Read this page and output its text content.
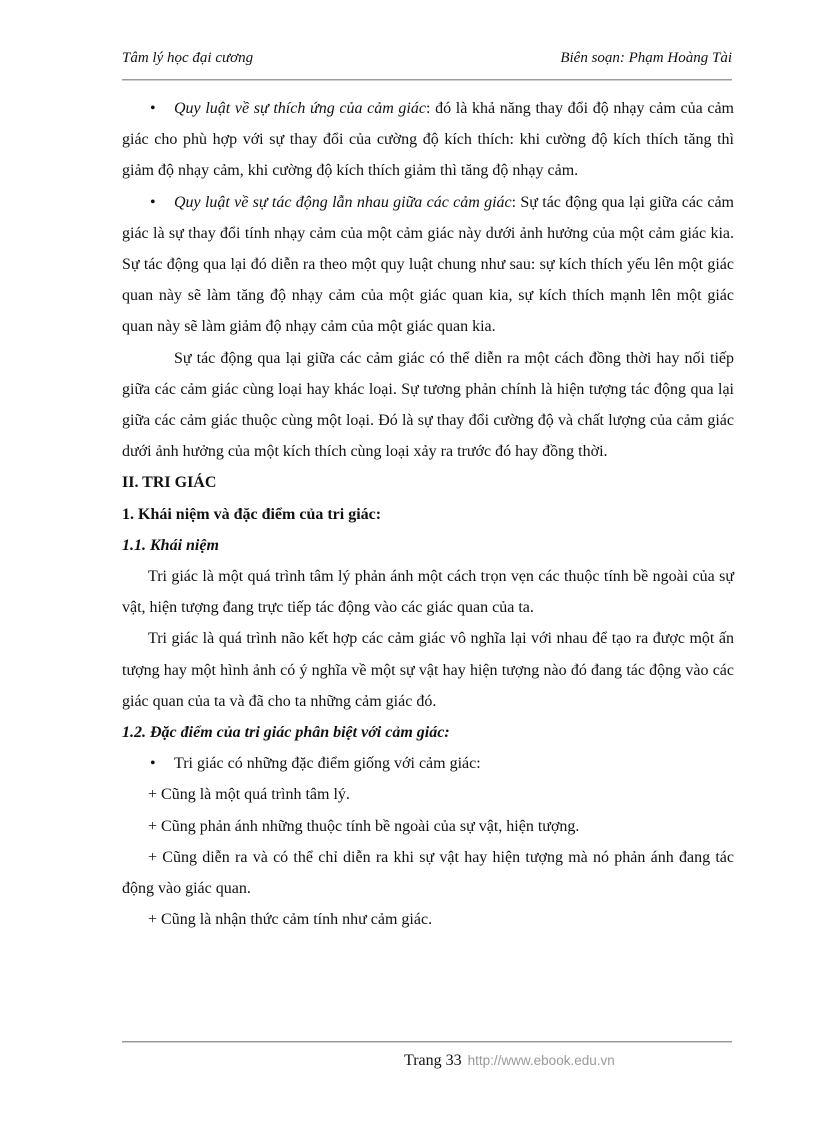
Tâm lý học đại cương	Biên soạn: Phạm Hoàng Tài

• Quy luật về sự thích ứng của cảm giác: đó là khả năng thay đổi độ nhạy cảm của cảm giác cho phù hợp với sự thay đổi của cường độ kích thích: khi cường độ kích thích tăng thì giảm độ nhạy cảm, khi cường độ kích thích giảm thì tăng độ nhạy cảm.

• Quy luật về sự tác động lẫn nhau giữa các cảm giác: Sự tác động qua lại giữa các cảm giác là sự thay đổi tính nhạy cảm của một cảm giác này dưới ảnh hưởng của một cảm giác kia. Sự tác động qua lại đó diễn ra theo một quy luật chung như sau: sự kích thích yếu lên một giác quan này sẽ làm tăng độ nhạy cảm của một giác quan kia, sự kích thích mạnh lên một giác quan này sẽ làm giảm độ nhạy cảm của một giác quan kia.

Sự tác động qua lại giữa các cảm giác có thể diễn ra một cách đồng thời hay nối tiếp giữa các cảm giác cùng loại hay khác loại. Sự tương phản chính là hiện tượng tác động qua lại giữa các cảm giác thuộc cùng một loại. Đó là sự thay đổi cường độ và chất lượng của cảm giác dưới ảnh hưởng của một kích thích cùng loại xảy ra trước đó hay đồng thời.

II. TRI GIÁC

1. Khái niệm và đặc điểm của tri giác:

1.1. Khái niệm

Tri giác là một quá trình tâm lý phản ánh một cách trọn vẹn các thuộc tính bề ngoài của sự vật, hiện tượng đang trực tiếp tác động vào các giác quan của ta.

Tri giác là quá trình não kết hợp các cảm giác vô nghĩa lại với nhau để tạo ra được một ấn tượng hay một hình ảnh có ý nghĩa về một sự vật hay hiện tượng nào đó đang tác động vào các giác quan của ta và đã cho ta những cảm giác đó.

1.2. Đặc điểm của tri giác phân biệt với cảm giác:

• Tri giác có những đặc điểm giống với cảm giác:

+ Cũng là một quá trình tâm lý.

+ Cũng phản ánh những thuộc tính bề ngoài của sự vật, hiện tượng.

+ Cũng diễn ra và có thể chỉ diễn ra khi sự vật hay hiện tượng mà nó phản ánh đang tác động vào giác quan.

+ Cũng là nhận thức cảm tính như cảm giác.

Trang 33 http://www.ebook.edu.vn
